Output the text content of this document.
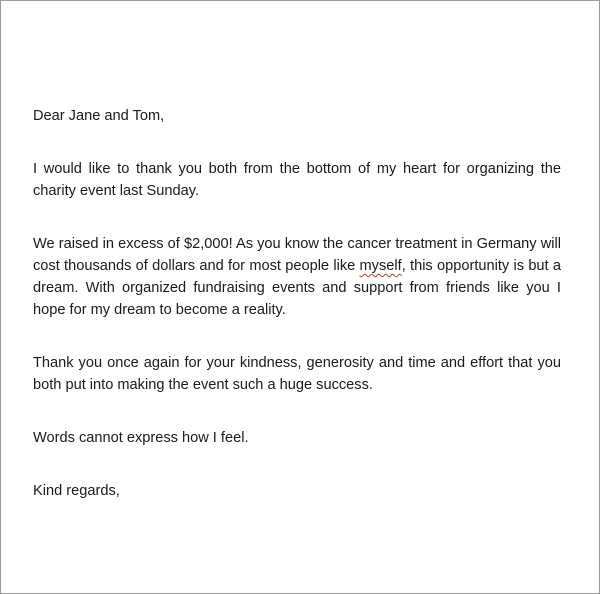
Dear Jane and Tom,

I would like to thank you both from the bottom of my heart for organizing the charity event last Sunday.

We raised in excess of $2,000! As you know the cancer treatment in Germany will cost thousands of dollars and for most people like myself, this opportunity is but a dream. With organized fundraising events and support from friends like you I hope for my dream to become a reality.

Thank you once again for your kindness, generosity and time and effort that you both put into making the event such a huge success.

Words cannot express how I feel.

Kind regards,
